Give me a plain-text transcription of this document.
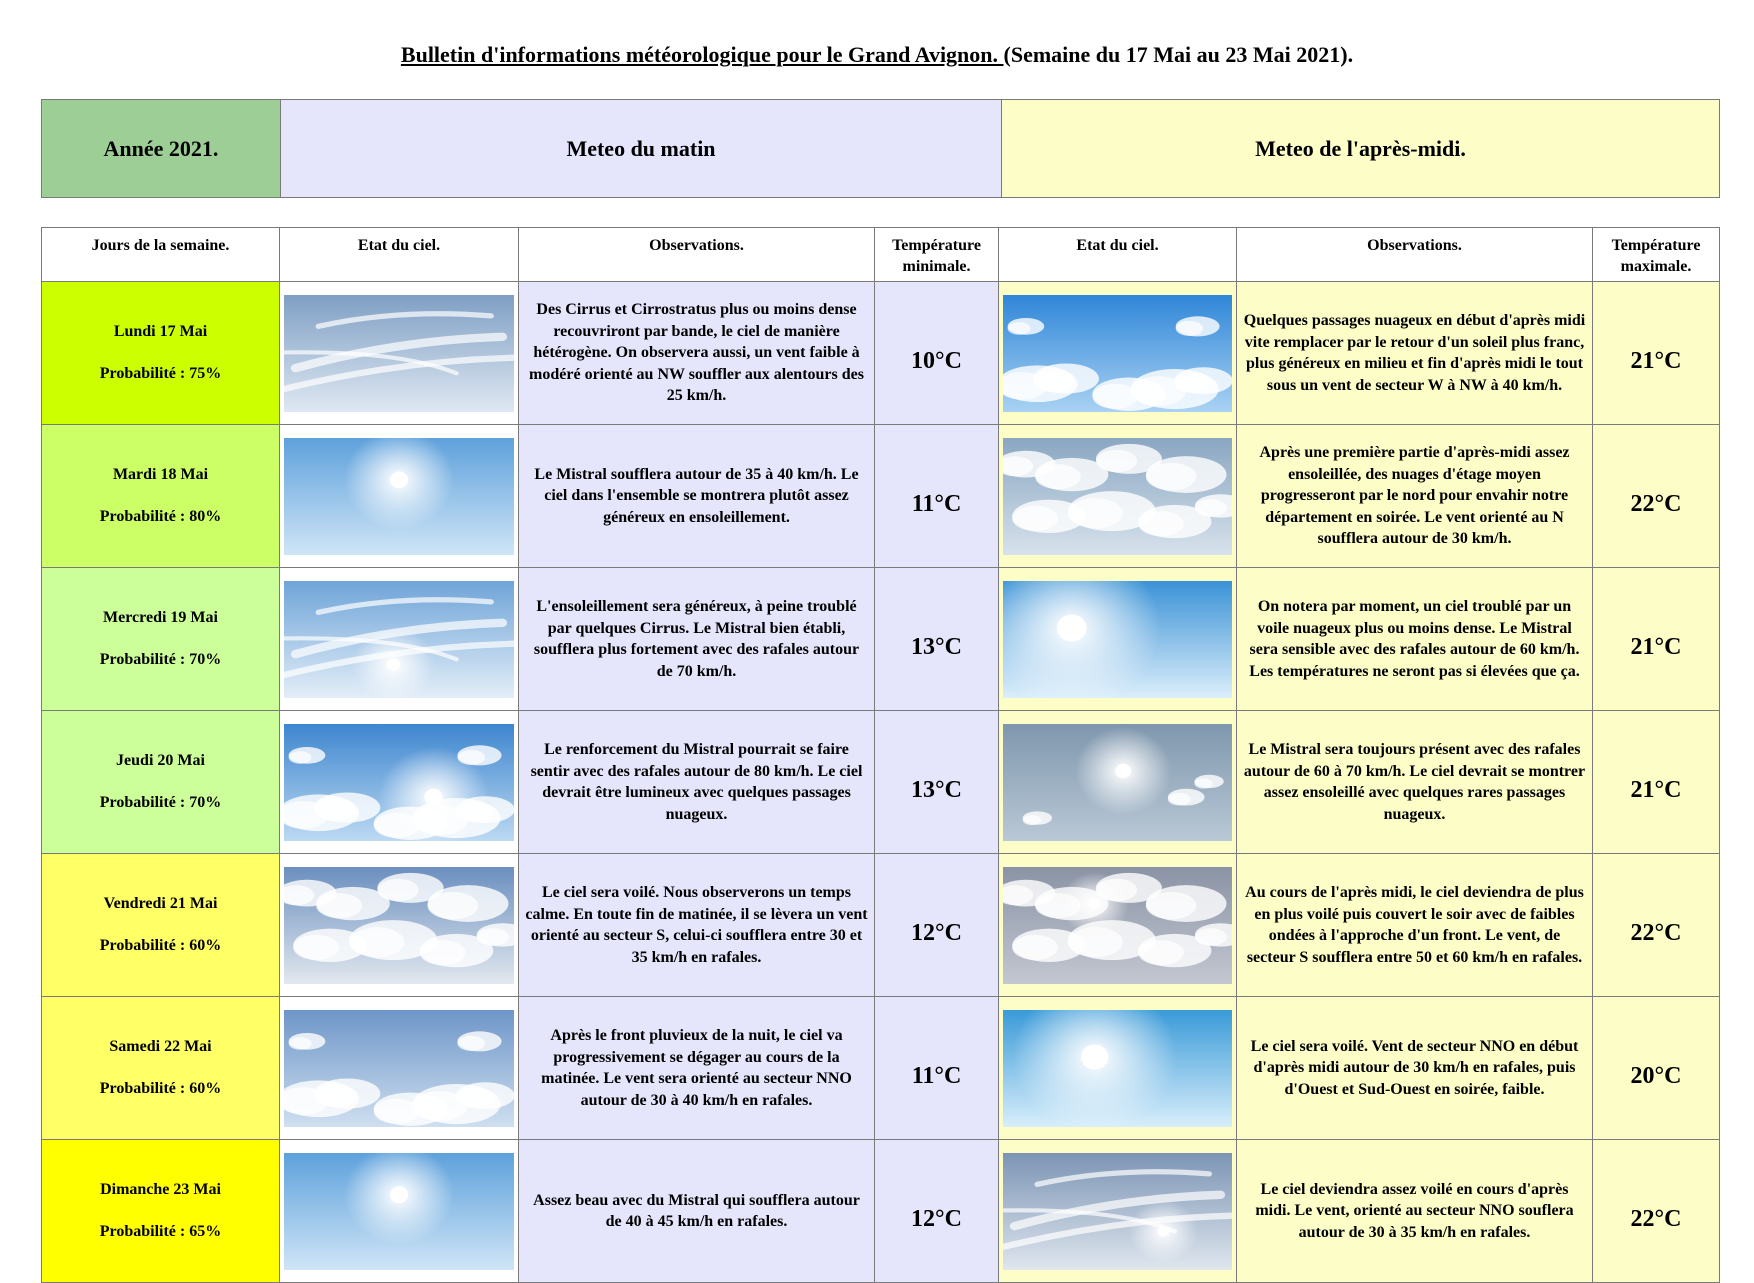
Bulletin d'informations météorologique pour le Grand Avignon. (Semaine du 17 Mai au 23 Mai 2021).
Année 2021.	Meteo du matin	Meteo de l'après-midi.
Jours de la semaine.	Etat du ciel.	Observations.	Température minimale.	Etat du ciel.	Observations.	Température maximale.

Lundi 17 Mai
Probabilité : 75%		Des Cirrus et Cirrostratus plus ou moins dense recouvriront par bande, le ciel de manière hétérogène. On observera aussi, un vent faible à modéré orienté au NW souffler aux alentours des 25 km/h.	10°C		Quelques passages nuageux en début d'après midi vite remplacer par le retour d'un soleil plus franc, plus généreux en milieu et fin d'après midi le tout sous un vent de secteur W à NW à 40 km/h.	21°C

Mardi 18 Mai
Probabilité : 80%		Le Mistral soufflera autour de 35 à 40 km/h. Le ciel dans l'ensemble se montrera plutôt assez généreux en ensoleillement.	11°C		Après une première partie d'après-midi assez ensoleillée, des nuages d'étage moyen progresseront par le nord pour envahir notre département en soirée. Le vent orienté au N soufflera autour de 30 km/h.	22°C

Mercredi 19 Mai
Probabilité : 70%		L'ensoleillement sera généreux, à peine troublé par quelques Cirrus. Le Mistral bien établi, soufflera plus fortement avec des rafales autour de 70 km/h.	13°C		On notera par moment, un ciel troublé par un voile nuageux plus ou moins dense. Le Mistral sera sensible avec des rafales autour de 60 km/h. Les températures ne seront pas si élevées que ça.	21°C

Jeudi 20 Mai
Probabilité : 70%		Le renforcement du Mistral pourrait se faire sentir avec des rafales autour de 80 km/h. Le ciel devrait être lumineux avec quelques passages nuageux.	13°C		Le Mistral sera toujours présent avec des rafales autour de 60 à 70 km/h. Le ciel devrait se montrer assez ensoleillé avec quelques rares passages nuageux.	21°C

Vendredi 21 Mai
Probabilité : 60%		Le ciel sera voilé. Nous observerons un temps calme. En toute fin de matinée, il se lèvera un vent orienté au secteur S, celui-ci soufflera entre 30 et 35 km/h en rafales.	12°C		Au cours de l'après midi, le ciel deviendra de plus en plus voilé puis couvert le soir avec de faibles ondées à l'approche d'un front. Le vent, de secteur S soufflera entre 50 et 60 km/h en rafales.	22°C

Samedi 22 Mai
Probabilité : 60%		Après le front pluvieux de la nuit, le ciel va progressivement se dégager au cours de la matinée. Le vent sera orienté au secteur NNO autour de 30 à 40 km/h en rafales.	11°C		Le ciel sera voilé. Vent de secteur NNO en début d'après midi autour de 30 km/h en rafales, puis d'Ouest et Sud-Ouest en soirée, faible.	20°C

Dimanche 23 Mai
Probabilité : 65%		Assez beau avec du Mistral qui soufflera autour de 40 à 45 km/h en rafales.	12°C		Le ciel deviendra assez voilé en cours d'après midi. Le vent, orienté au secteur NNO souflera autour de 30 à 35 km/h en rafales.	22°C
